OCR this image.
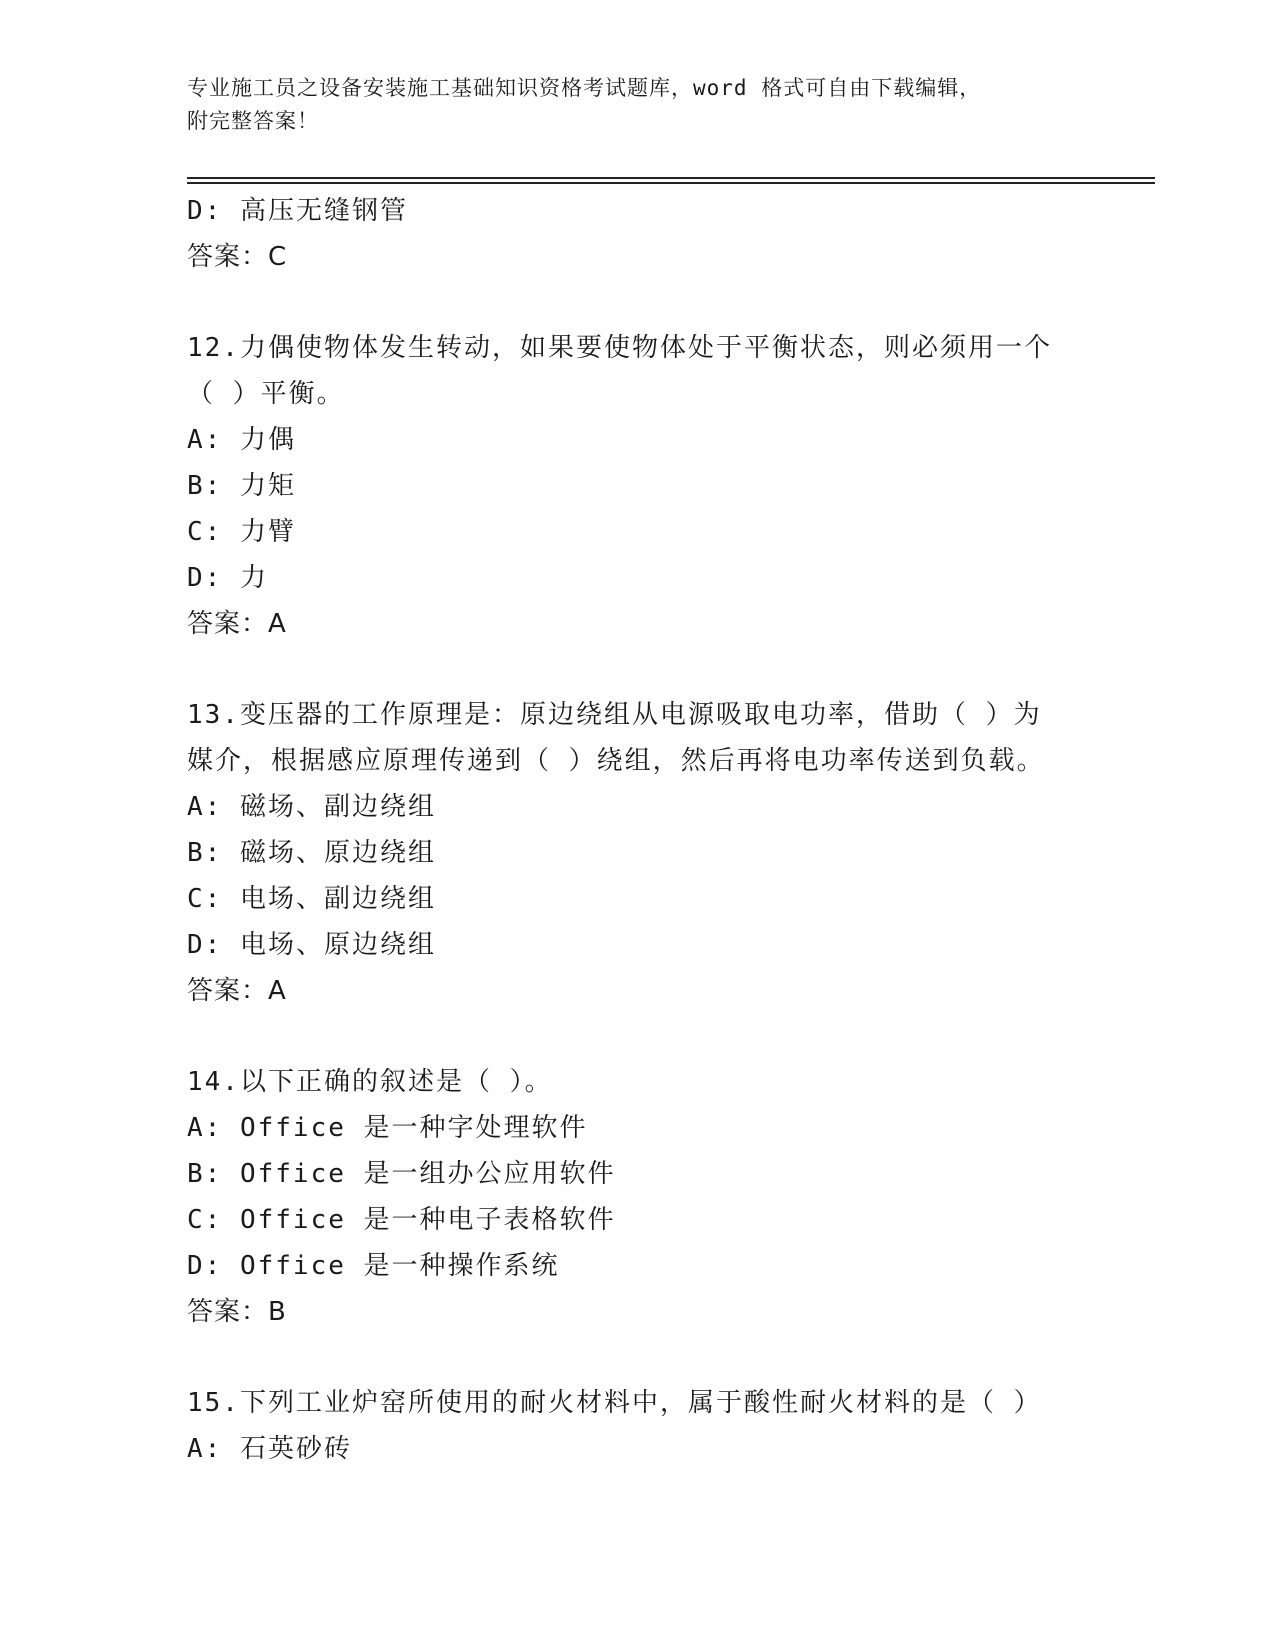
专业施工员之设备安装施工基础知识资格考试题库，word 格式可自由下载编辑，
附完整答案！
D: 高压无缝钢管
答案：C
12.力偶使物体发生转动，如果要使物体处于平衡状态，则必须用一个
（ ）平衡。
A: 力偶
B: 力矩
C: 力臂
D: 力
答案：A
13.变压器的工作原理是：原边绕组从电源吸取电功率，借助（ ）为
媒介，根据感应原理传递到（ ）绕组，然后再将电功率传送到负载。
A: 磁场、副边绕组
B: 磁场、原边绕组
C: 电场、副边绕组
D: 电场、原边绕组
答案：A
14.以下正确的叙述是（ ）。
A: Office 是一种字处理软件
B: Office 是一组办公应用软件
C: Office 是一种电子表格软件
D: Office 是一种操作系统
答案：B
15.下列工业炉窑所使用的耐火材料中，属于酸性耐火材料的是（ ）
A: 石英砂砖
